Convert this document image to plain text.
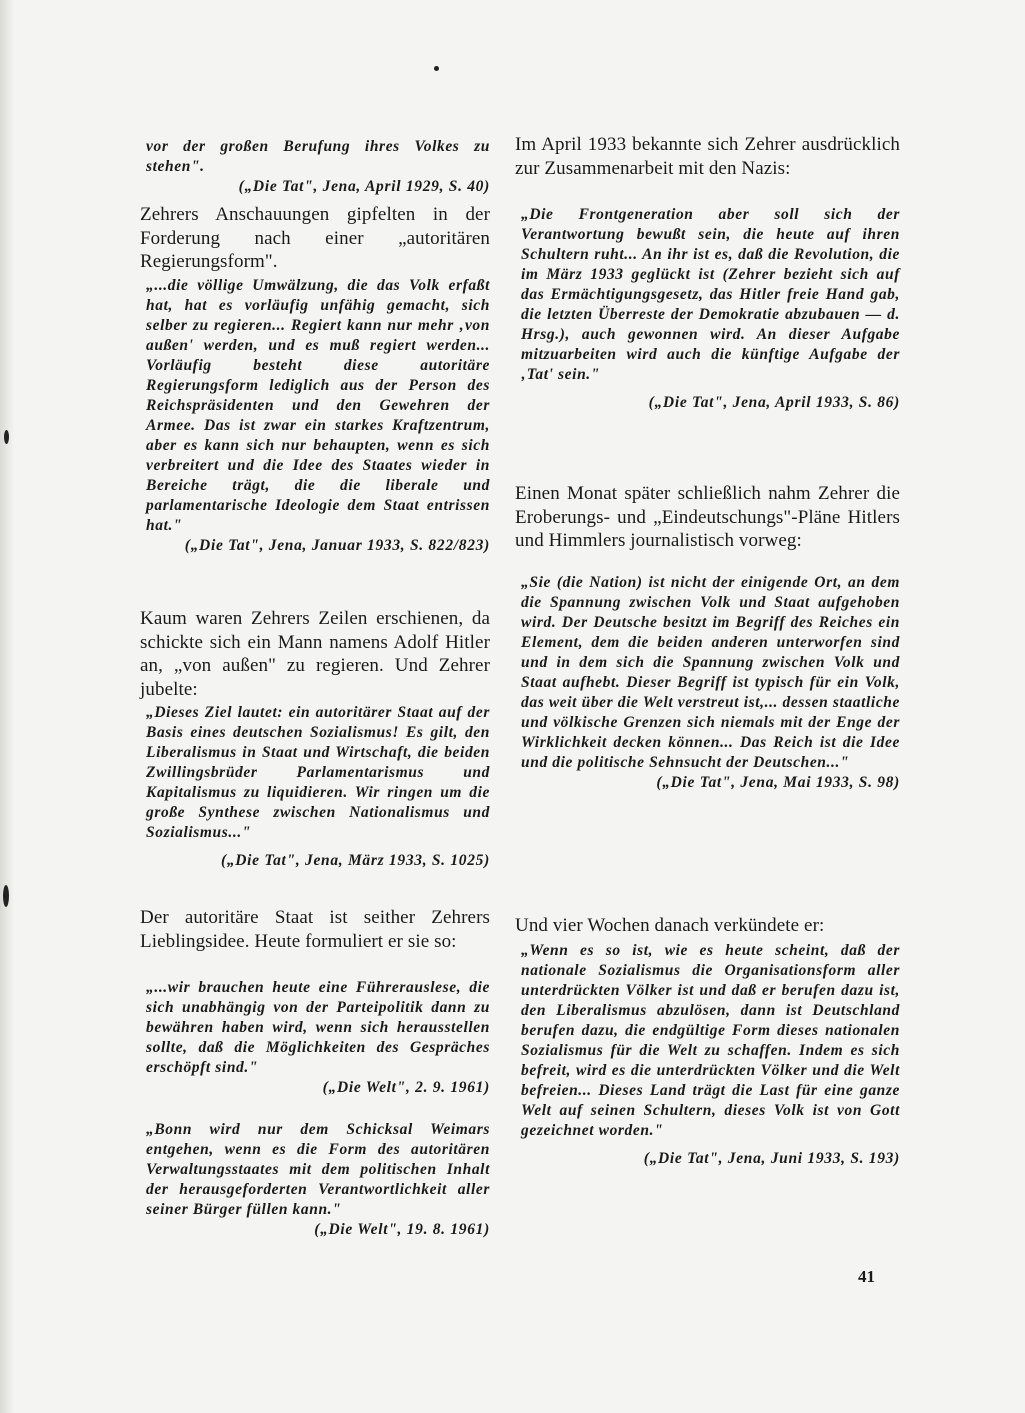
vor der großen Berufung ihres Volkes zu stehen".

(„Die Tat", Jena, April 1929, S. 40)

Zehrers Anschauungen gipfelten in der Forderung nach einer „autoritären Regierungsform".

„...die völlige Umwälzung, die das Volk erfaßt hat, hat es vorläufig unfähig gemacht, sich selber zu regieren... Regiert kann nur mehr ‚von außen' werden, und es muß regiert werden... Vorläufig besteht diese autoritäre Regierungsform lediglich aus der Person des Reichspräsidenten und den Gewehren der Armee. Das ist zwar ein starkes Kraftzentrum, aber es kann sich nur behaupten, wenn es sich verbreitert und die Idee des Staates wieder in Bereiche trägt, die die liberale und parlamentarische Ideologie dem Staat entrissen hat."

(„Die Tat", Jena, Januar 1933, S. 822/823)

Kaum waren Zehrers Zeilen erschienen, da schickte sich ein Mann namens Adolf Hitler an, „von außen" zu regieren. Und Zehrer jubelte:

„Dieses Ziel lautet: ein autoritärer Staat auf der Basis eines deutschen Sozialismus! Es gilt, den Liberalismus in Staat und Wirtschaft, die beiden Zwillingsbrüder Parlamentarismus und Kapitalismus zu liquidieren. Wir ringen um die große Synthese zwischen Nationalismus und Sozialismus..."

(„Die Tat", Jena, März 1933, S. 1025)

Der autoritäre Staat ist seither Zehrers Lieblingsidee. Heute formuliert er sie so:

„...wir brauchen heute eine Führerauslese, die sich unabhängig von der Parteipolitik dann zu bewähren haben wird, wenn sich herausstellen sollte, daß die Möglichkeiten des Gespräches erschöpft sind."

(„Die Welt", 2. 9. 1961)

„Bonn wird nur dem Schicksal Weimars entgehen, wenn es die Form des autoritären Verwaltungsstaates mit dem politischen Inhalt der herausgeforderten Verantwortlichkeit aller seiner Bürger füllen kann."

(„Die Welt", 19. 8. 1961)

Im April 1933 bekannte sich Zehrer ausdrücklich zur Zusammenarbeit mit den Nazis:

„Die Frontgeneration aber soll sich der Verantwortung bewußt sein, die heute auf ihren Schultern ruht... An ihr ist es, daß die Revolution, die im März 1933 geglückt ist (Zehrer bezieht sich auf das Ermächtigungsgesetz, das Hitler freie Hand gab, die letzten Überreste der Demokratie abzubauen — d. Hrsg.), auch gewonnen wird. An dieser Aufgabe mitzuarbeiten wird auch die künftige Aufgabe der ‚Tat' sein."

(„Die Tat", Jena, April 1933, S. 86)

Einen Monat später schließlich nahm Zehrer die Eroberungs- und „Eindeutschungs"-Pläne Hitlers und Himmlers journalistisch vorweg:

„Sie (die Nation) ist nicht der einigende Ort, an dem die Spannung zwischen Volk und Staat aufgehoben wird. Der Deutsche besitzt im Begriff des Reiches ein Element, dem die beiden anderen unterworfen sind und in dem sich die Spannung zwischen Volk und Staat aufhebt. Dieser Begriff ist typisch für ein Volk, das weit über die Welt verstreut ist,... dessen staatliche und völkische Grenzen sich niemals mit der Enge der Wirklichkeit decken können... Das Reich ist die Idee und die politische Sehnsucht der Deutschen..."

(„Die Tat", Jena, Mai 1933, S. 98)

Und vier Wochen danach verkündete er:

„Wenn es so ist, wie es heute scheint, daß der nationale Sozialismus die Organisationsform aller unterdrückten Völker ist und daß er berufen dazu ist, den Liberalismus abzulösen, dann ist Deutschland berufen dazu, die endgültige Form dieses nationalen Sozialismus für die Welt zu schaffen. Indem es sich befreit, wird es die unterdrückten Völker und die Welt befreien... Dieses Land trägt die Last für eine ganze Welt auf seinen Schultern, dieses Volk ist von Gott gezeichnet worden."

(„Die Tat", Jena, Juni 1933, S. 193)

41
